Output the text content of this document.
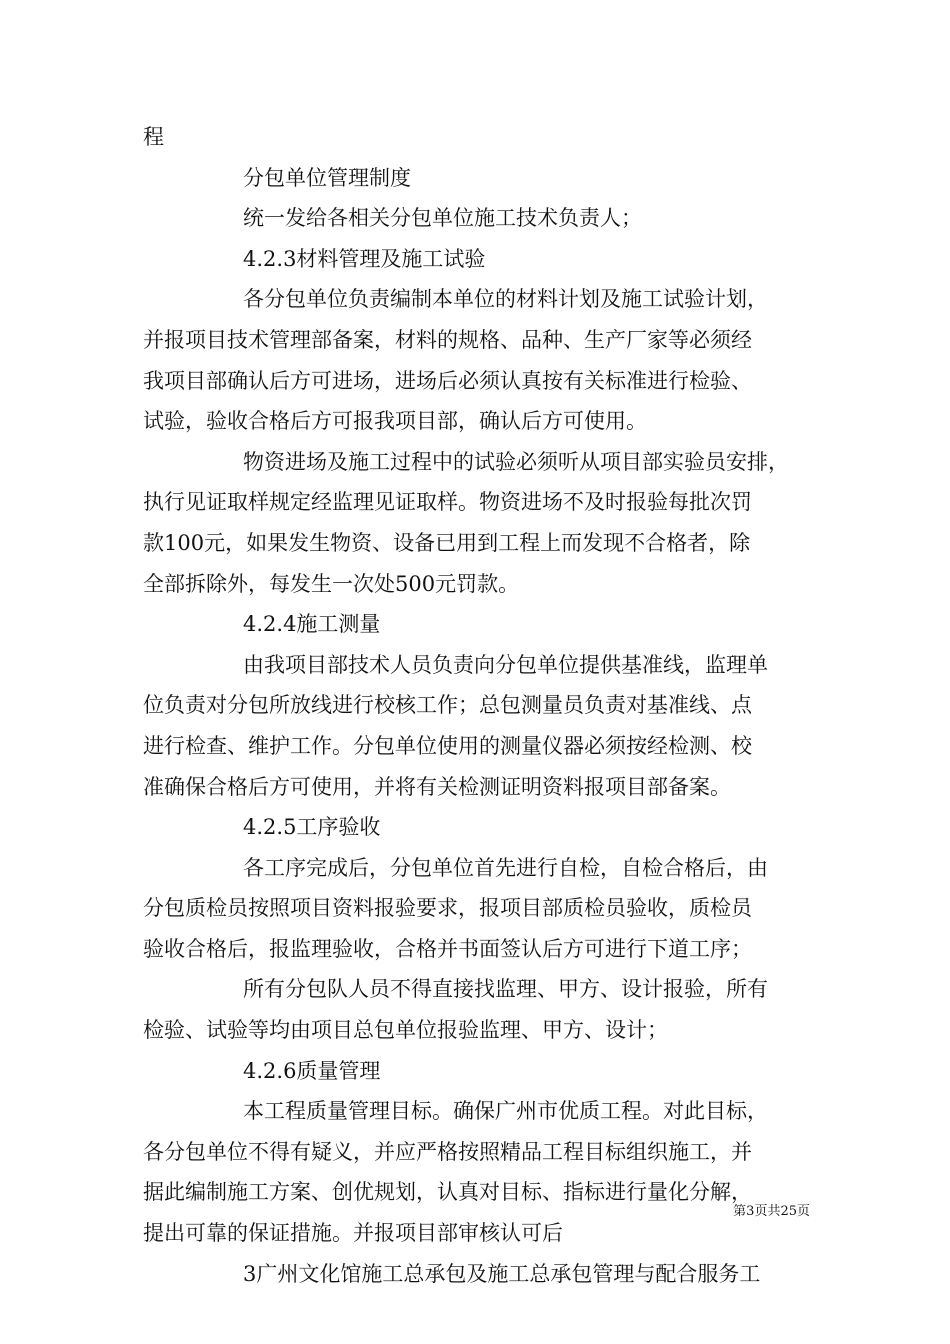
程
分包单位管理制度
统一发给各相关分包单位施工技术负责人；
4.2.3材料管理及施工试验
各分包单位负责编制本单位的材料计划及施工试验计划，
并报项目技术管理部备案，材料的规格、品种、生产厂家等必须经
我项目部确认后方可进场，进场后必须认真按有关标准进行检验、
试验，验收合格后方可报我项目部，确认后方可使用。
物资进场及施工过程中的试验必须听从项目部实验员安排，
执行见证取样规定经监理见证取样。物资进场不及时报验每批次罚
款100元，如果发生物资、设备已用到工程上而发现不合格者，除
全部拆除外，每发生一次处500元罚款。
4.2.4施工测量
由我项目部技术人员负责向分包单位提供基准线，监理单
位负责对分包所放线进行校核工作；总包测量员负责对基准线、点
进行检查、维护工作。分包单位使用的测量仪器必须按经检测、校
准确保合格后方可使用，并将有关检测证明资料报项目部备案。
4.2.5工序验收
各工序完成后，分包单位首先进行自检，自检合格后，由
分包质检员按照项目资料报验要求，报项目部质检员验收，质检员
验收合格后，报监理验收，合格并书面签认后方可进行下道工序；
所有分包队人员不得直接找监理、甲方、设计报验，所有
检验、试验等均由项目总包单位报验监理、甲方、设计；
4.2.6质量管理
本工程质量管理目标。确保广州市优质工程。对此目标，
各分包单位不得有疑义，并应严格按照精品工程目标组织施工，并
据此编制施工方案、创优规划，认真对目标、指标进行量化分解，
提出可靠的保证措施。并报项目部审核认可后
3广州文化馆施工总承包及施工总承包管理与配合服务工
第3页共25页
